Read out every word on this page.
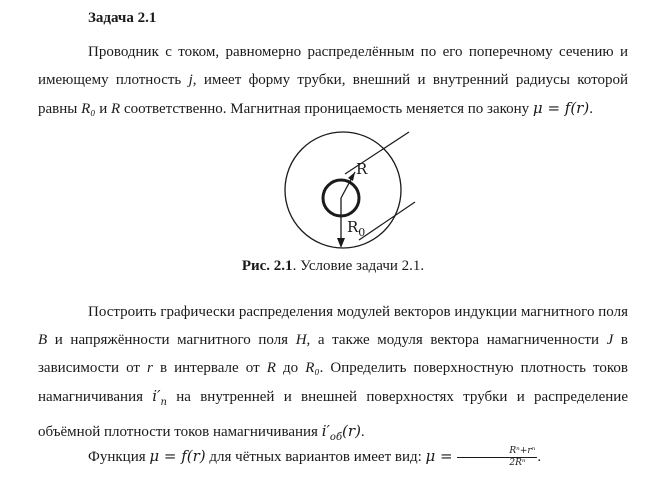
Задача 2.1
Проводник с током, равномерно распределённым по его поперечному сечению и имеющему плотность j, имеет форму трубки, внешний и внутренний радиусы которой равны R₀ и R соответственно. Магнитная проницаемость меняется по закону μ = f(r).
R
$R_0$
Рис. 2.1. Условие задачи 2.1.
Построить графически распределения модулей векторов индукции магнитного поля B и напряжённости магнитного поля H, а также модуля вектора намагниченности J в зависимости от r в интервале от R до R₀. Определить поверхностную плотность токов намагничивания $i'_п$ на внутренней и внешней поверхностях трубки и распределение объёмной плотности токов намагничивания $i'_{об}(r)$.
Функция μ = f(r) для чётных вариантов имеет вид: $\mu = \frac{\text{Rⁿ+rⁿ}}{\text{2Rⁿ}}$ .
